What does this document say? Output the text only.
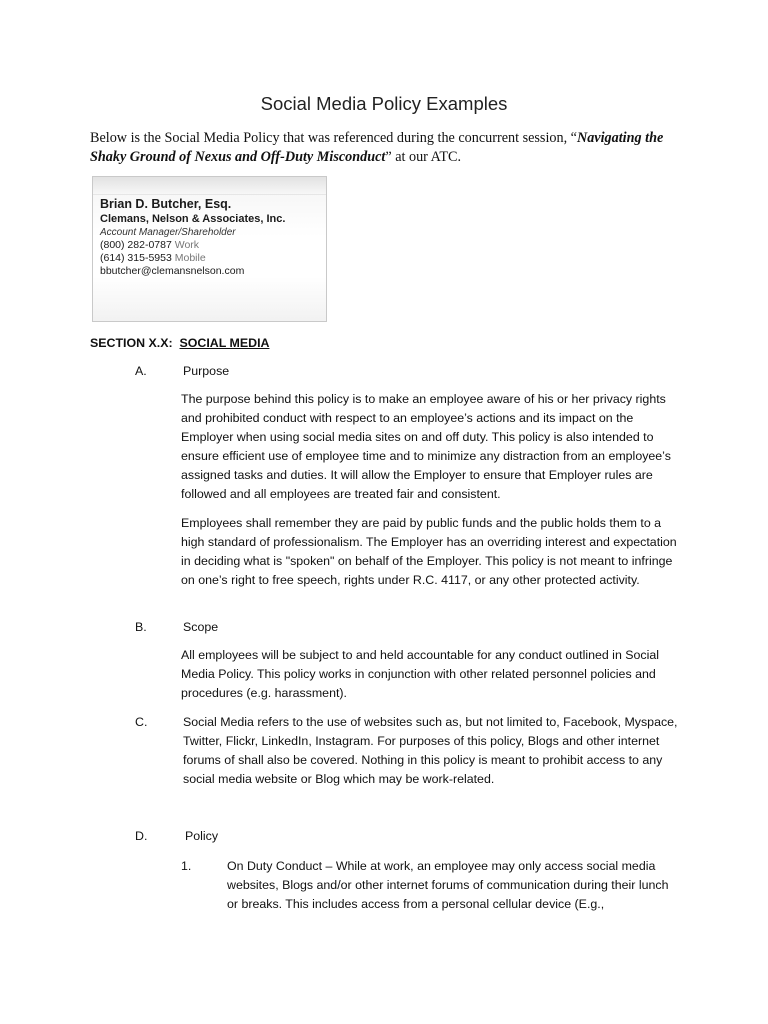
Social Media Policy Examples
Below is the Social Media Policy that was referenced during the concurrent session, “Navigating the Shaky Ground of Nexus and Off-Duty Misconduct” at our ATC.
Brian D. Butcher, Esq.
Clemans, Nelson & Associates, Inc.
Account Manager/Shareholder
(800) 282-0787 Work
(614) 315-5953 Mobile
bbutcher@clemansnelson.com
SECTION X.X: SOCIAL MEDIA
A.	Purpose
The purpose behind this policy is to make an employee aware of his or her privacy rights and prohibited conduct with respect to an employee’s actions and its impact on the Employer when using social media sites on and off duty. This policy is also intended to ensure efficient use of employee time and to minimize any distraction from an employee’s assigned tasks and duties. It will allow the Employer to ensure that Employer rules are followed and all employees are treated fair and consistent.
Employees shall remember they are paid by public funds and the public holds them to a high standard of professionalism. The Employer has an overriding interest and expectation in deciding what is "spoken" on behalf of the Employer. This policy is not meant to infringe on one’s right to free speech, rights under R.C. 4117, or any other protected activity.
B.	Scope
All employees will be subject to and held accountable for any conduct outlined in Social Media Policy. This policy works in conjunction with other related personnel policies and procedures (e.g. harassment).
C.	Social Media refers to the use of websites such as, but not limited to, Facebook, Myspace, Twitter, Flickr, LinkedIn, Instagram. For purposes of this policy, Blogs and other internet forums of shall also be covered. Nothing in this policy is meant to prohibit access to any social media website or Blog which may be work-related.
D.	Policy
1.	On Duty Conduct – While at work, an employee may only access social media websites, Blogs and/or other internet forums of communication during their lunch or breaks. This includes access from a personal cellular device (E.g.,
